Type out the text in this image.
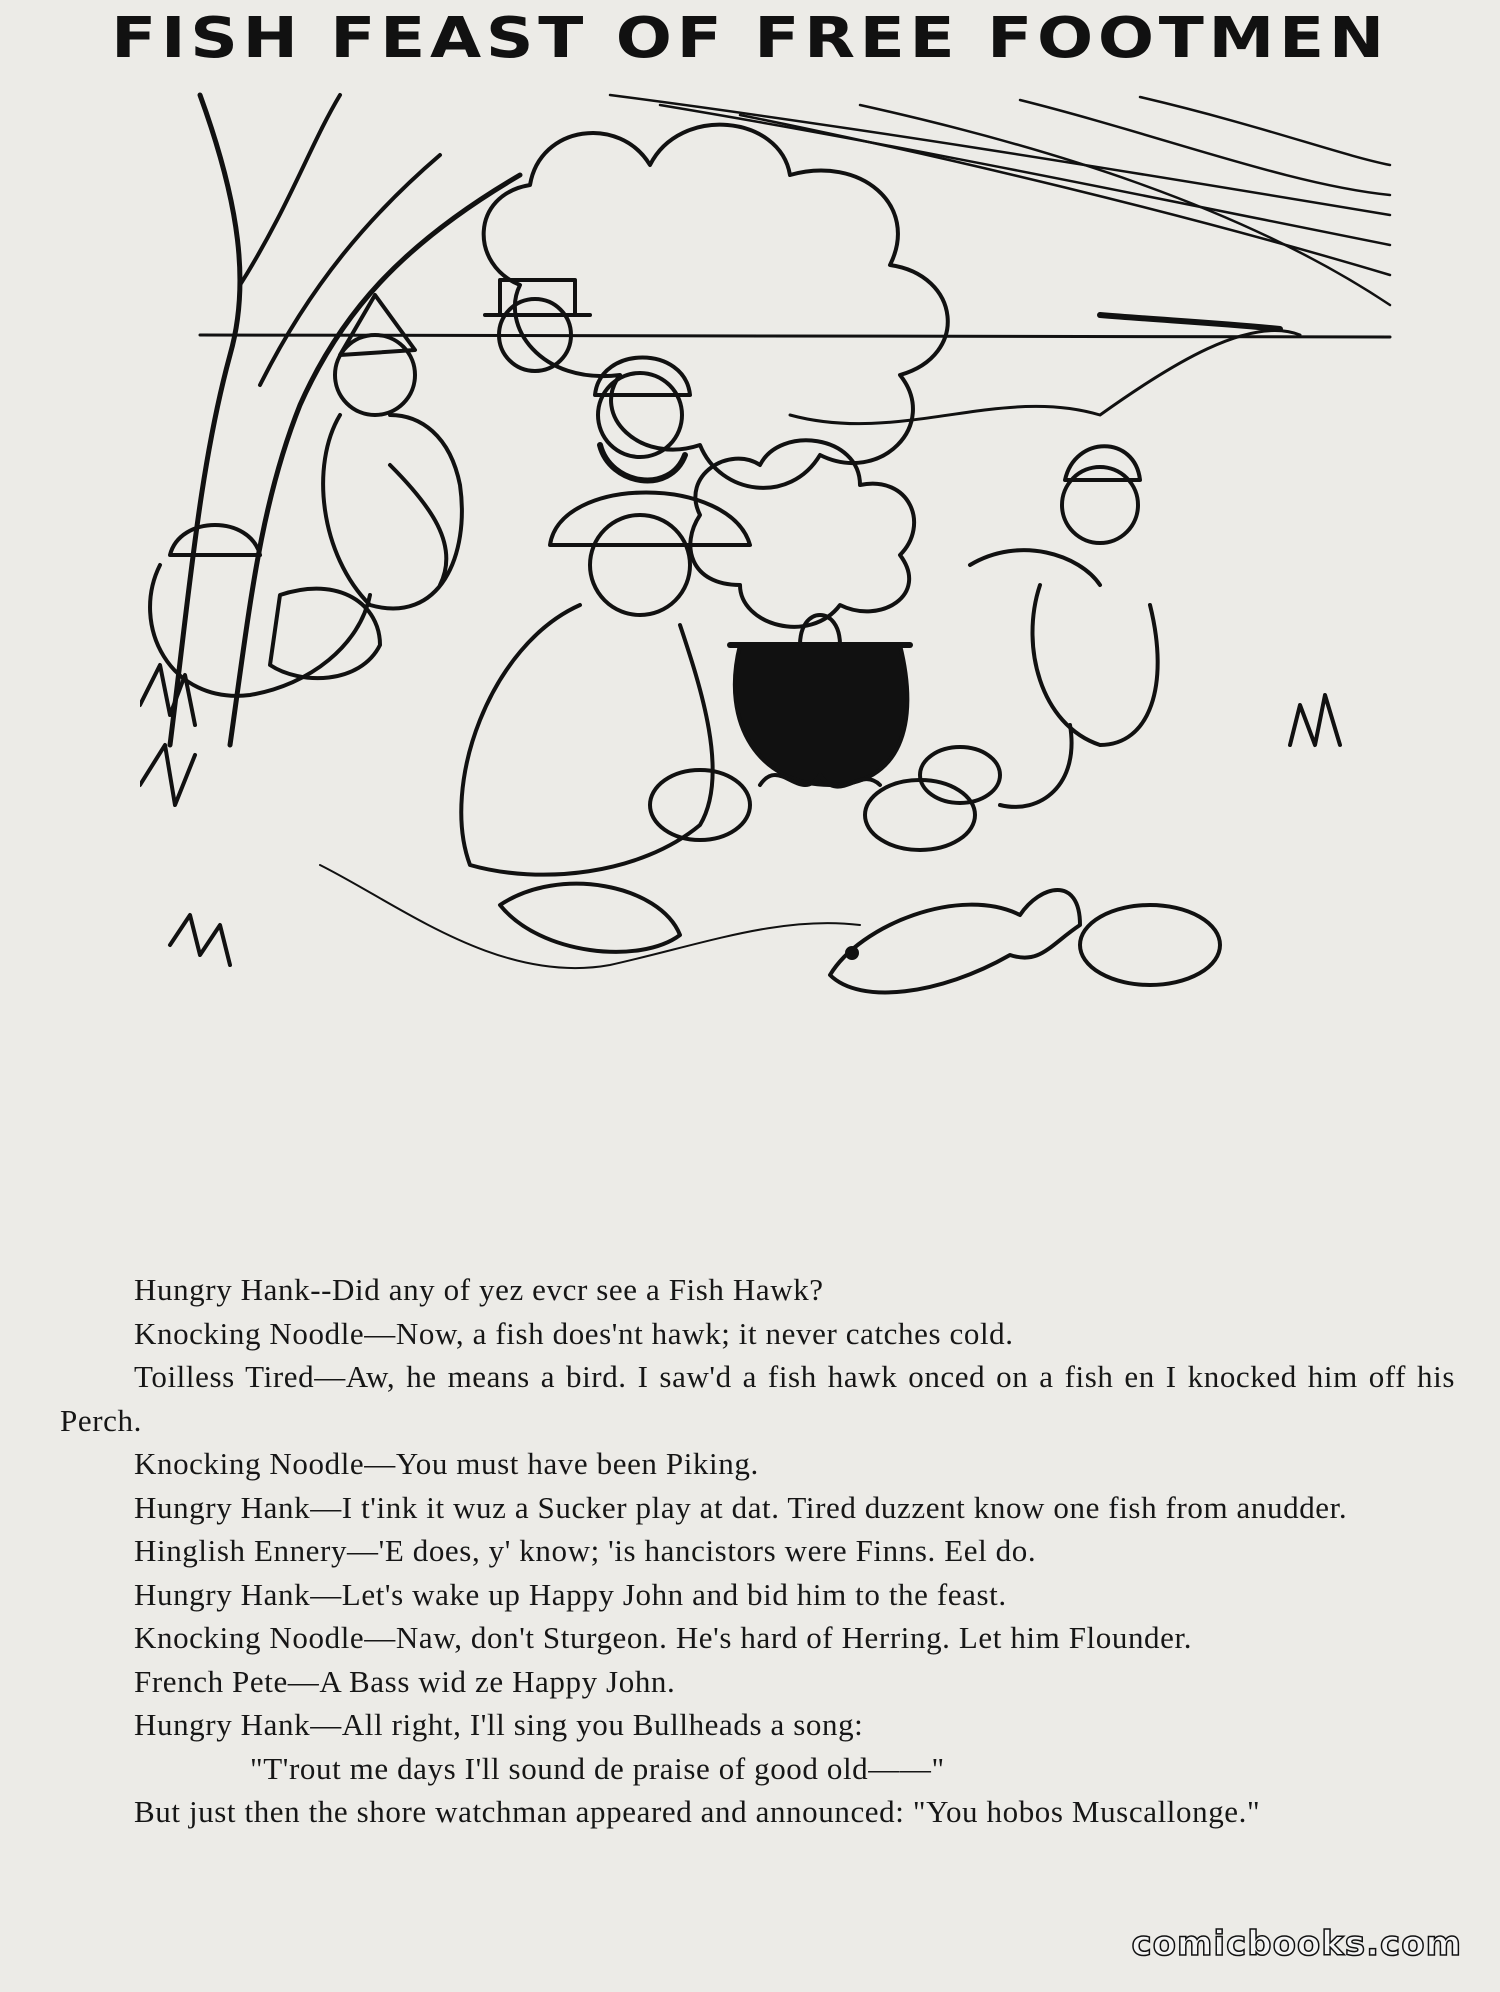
FISH FEAST OF FREE FOOTMEN

Hungry Hank--Did any of yez evcr see a Fish Hawk?

Knocking Noodle—Now, a fish does'nt hawk; it never catches cold.

Toilless Tired—Aw, he means a bird. I saw'd a fish hawk onced on a fish en I knocked him off his Perch.

Knocking Noodle—You must have been Piking.

Hungry Hank—I t'ink it wuz a Sucker play at dat. Tired duzzent know one fish from anudder.

Hinglish Ennery—'E does, y' know; 'is hancistors were Finns. Eel do.

Hungry Hank—Let's wake up Happy John and bid him to the feast.

Knocking Noodle—Naw, don't Sturgeon. He's hard of Herring. Let him Flounder.

French Pete—A Bass wid ze Happy John.

Hungry Hank—All right, I'll sing you Bullheads a song:

"T'rout me days I'll sound de praise of good old——"

But just then the shore watchman appeared and announced: "You hobos Muscallonge."

comicbooks.com
